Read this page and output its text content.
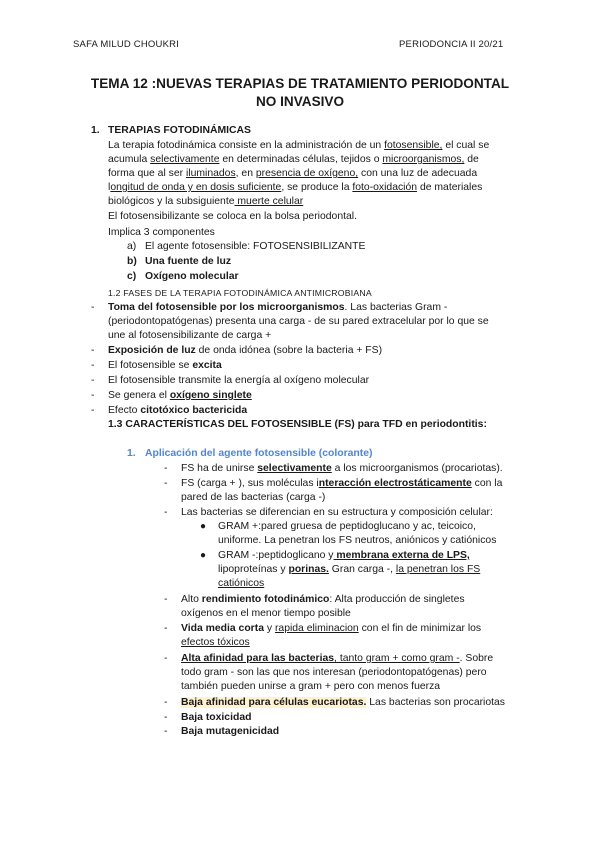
SAFA MILUD CHOUKRI	PERIODONCIA II 20/21
TEMA 12 :NUEVAS TERAPIAS DE TRATAMIENTO PERIODONTAL
NO INVASIVO
1. TERAPIAS FOTODINÁMICAS
La terapia fotodinámica consiste en la administración de un fotosensible, el cual se
acumula selectivamente en determinadas células, tejidos o microorganismos, de
forma que al ser iluminados, en presencia de oxígeno, con una luz de adecuada
longitud de onda y en dosis suficiente, se produce la foto-oxidación de materiales
biológicos y la subsiguiente muerte celular
El fotosensibilizante se coloca en la bolsa periodontal.
Implica 3 componentes
a) El agente fotosensible: FOTOSENSIBILIZANTE
b) Una fuente de luz
c) Oxígeno molecular
1.2 FASES DE LA TERAPIA FOTODINÁMICA ANTIMICROBIANA
- Toma del fotosensible por los microorganismos. Las bacterias Gram -
(periodontopatógenas) presenta una carga - de su pared extracelular por lo que se
une al fotosensibilizante de carga +
- Exposición de luz de onda idónea (sobre la bacteria + FS)
- El fotosensible se excita
- El fotosensible transmite la energía al oxígeno molecular
- Se genera el oxígeno singlete
- Efecto citotóxico bactericida
1.3 CARACTERÍSTICAS DEL FOTOSENSIBLE (FS) para TFD en periodontitis:
1. Aplicación del agente fotosensible (colorante)
- FS ha de unirse selectivamente a los microorganismos (procariotas).
- FS (carga + ), sus moléculas interacción electrostáticamente con la
pared de las bacterias (carga -)
- Las bacterias se diferencian en su estructura y composición celular:
● GRAM +:pared gruesa de peptidoglucano y ac, teicoico,
uniforme. La penetran los FS neutros, aniónicos y catiónicos
● GRAM -:peptidoglicano y membrana externa de LPS,
lipoproteínas y porinas. Gran carga -, la penetran los FS
catiónicos
- Alto rendimiento fotodinámico: Alta producción de singletes
oxígenos en el menor tiempo posible
- Vida media corta y rapida eliminacion con el fin de minimizar los
efectos tóxicos
- Alta afinidad para las bacterias, tanto gram + como gram -. Sobre
todo gram - son las que nos interesan (periodontopatógenas) pero
también pueden unirse a gram + pero con menos fuerza
- Baja afinidad para células eucariotas. Las bacterias son procariotas
- Baja toxicidad
- Baja mutagenicidad
